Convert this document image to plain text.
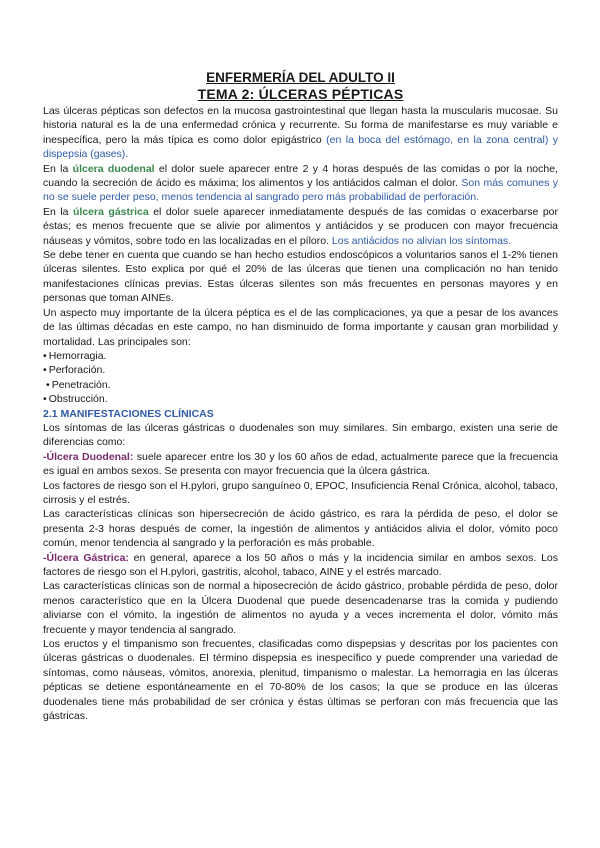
ENFERMERÍA DEL ADULTO II
TEMA 2: ÚLCERAS PÉPTICAS

Las úlceras pépticas son defectos en la mucosa gastrointestinal que llegan hasta la muscularis mucosae. Su historia natural es la de una enfermedad crónica y recurrente. Su forma de manifestarse es muy variable e inespecífica, pero la más típica es como dolor epigástrico (en la boca del estómago, en la zona central) y dispepsia (gases).

En la úlcera duodenal el dolor suele aparecer entre 2 y 4 horas después de las comidas o por la noche, cuando la secreción de ácido es máxima; los alimentos y los antiácidos calman el dolor. Son más comunes y no se suele perder peso, menos tendencia al sangrado pero más probabilidad de perforación.

En la úlcera gástrica el dolor suele aparecer inmediatamente después de las comidas o exacerbarse por éstas; es menos frecuente que se alivie por alimentos y antiácidos y se producen con mayor frecuencia náuseas y vómitos, sobre todo en las localizadas en el píloro. Los antiácidos no alivian los síntomas.

Se debe tener en cuenta que cuando se han hecho estudios endoscópicos a voluntarios sanos el 1-2% tienen úlceras silentes. Esto explica por qué el 20% de las úlceras que tienen una complicación no han tenido manifestaciones clínicas previas. Estas úlceras silentes son más frecuentes en personas mayores y en personas que toman AINEs.

Un aspecto muy importante de la úlcera péptica es el de las complicaciones, ya que a pesar de los avances de las últimas décadas en este campo, no han disminuido de forma importante y causan gran morbilidad y mortalidad. Las principales son:

• Hemorragia.
• Perforación.
• Penetración.
• Obstrucción.
2.1 MANIFESTACIONES CLÍNICAS

Los síntomas de las úlceras gástricas o duodenales son muy similares. Sin embargo, existen una serie de diferencias como:

-Úlcera Duodenal: suele aparecer entre los 30 y los 60 años de edad, actualmente parece que la frecuencia es igual en ambos sexos. Se presenta con mayor frecuencia que la úlcera gástrica.

Los factores de riesgo son el H.pylori, grupo sanguíneo 0, EPOC, Insuficiencia Renal Crónica, alcohol, tabaco, cirrosis y el estrés.

Las características clínicas son hipersecreción de ácido gástrico, es rara la pérdida de peso, el dolor se presenta 2-3 horas después de comer, la ingestión de alimentos y antiácidos alivia el dolor, vómito poco común, menor tendencia al sangrado y la perforación es más probable.

-Úlcera Gástrica: en general, aparece a los 50 años o más y la incidencia similar en ambos sexos. Los factores de riesgo son el H.pylori, gastritis, alcohol, tabaco, AINE y el estrés marcado.

Las características clínicas son de normal a hiposecreción de ácido gástrico, probable pérdida de peso, dolor menos característico que en la Úlcera Duodenal que puede desencadenarse tras la comida y pudiendo aliviarse con el vómito, la ingestión de alimentos no ayuda y a veces incrementa el dolor, vómito más frecuente y mayor tendencia al sangrado.

Los eructos y el timpanismo son frecuentes, clasificadas como dispepsias y descritas por los pacientes con úlceras gástricas o duodenales. El término dispepsia es inespecífico y puede comprender una variedad de síntomas, como náuseas, vómitos, anorexia, plenitud, timpanismo o malestar. La hemorragia en las úlceras pépticas se detiene espontáneamente en el 70-80% de los casos; la que se produce en las úlceras duodenales tiene más probabilidad de ser crónica y éstas últimas se perforan con más frecuencia que las gástricas.
